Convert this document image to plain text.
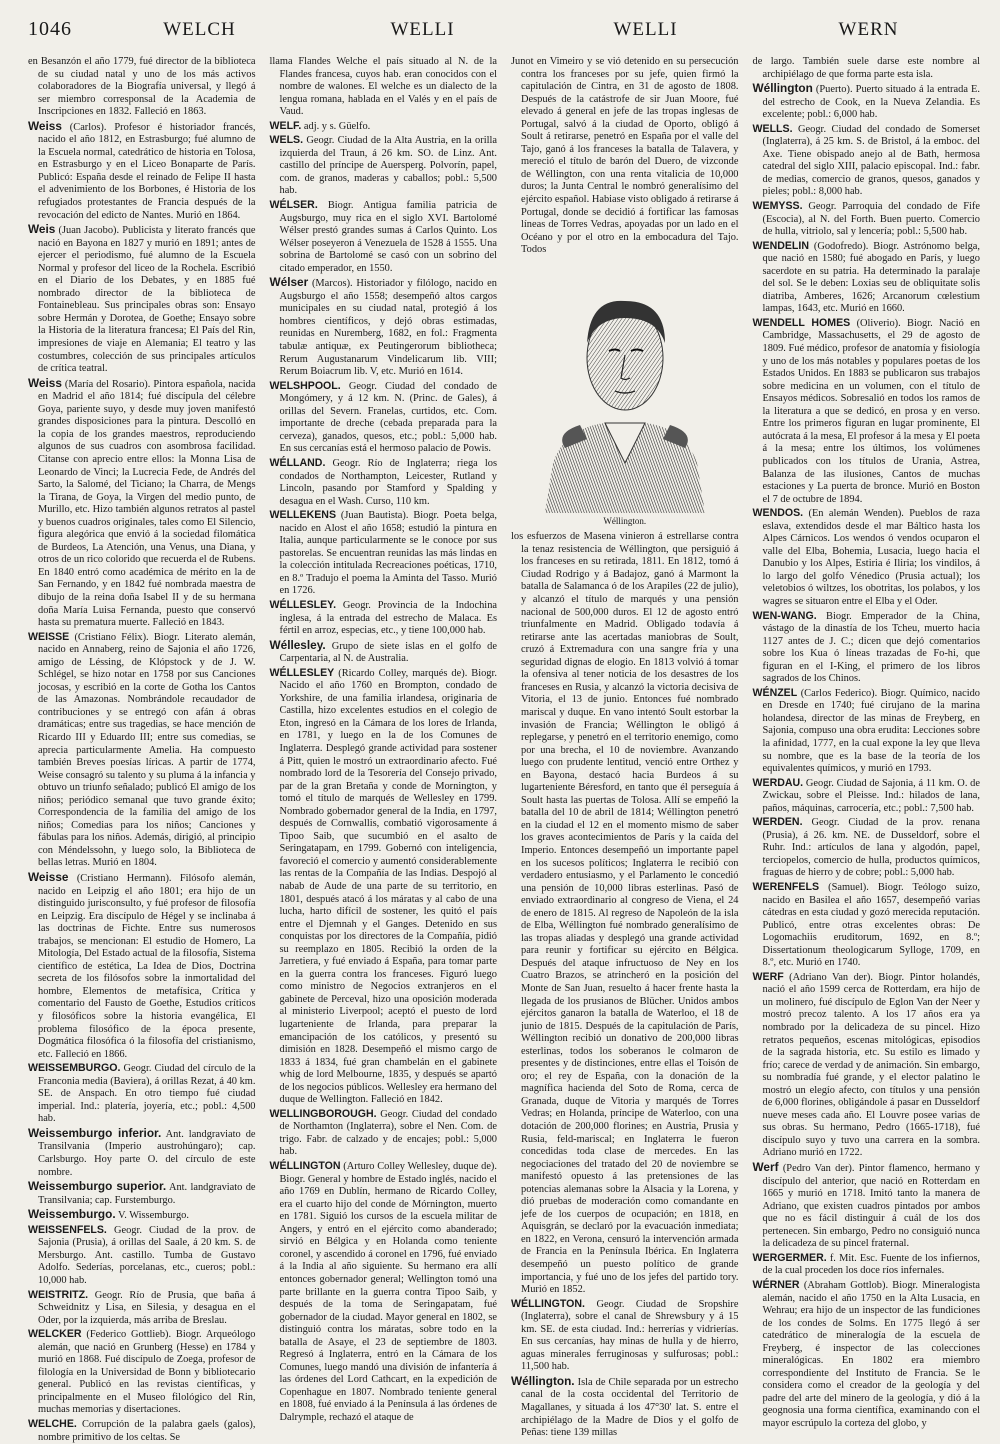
1046	WELCH	WELLI	WELLI	WERN
en Besanzón el año 1779, fué director de la biblioteca de su ciudad natal y uno de los más activos colaboradores de la Biografía universal, y llegó á ser miembro corresponsal de la Academia de Inscripciones en 1832. Falleció en 1863.
Weiss (Carlos). Profesor é historiador francés, nacido el año 1812, en Estrasburgo; fué alumno de la Escuela normal, catedrático de historia en Tolosa, en Estrasburgo y en el Liceo Bonaparte de París. Publicó: España desde el reinado de Felipe II hasta el advenimiento de los Borbones, é Historia de los refugiados protestantes de Francia después de la revocación del edicto de Nantes. Murió en 1864.
Weis (Juan Jacobo). Publicista y literato francés que nació en Bayona en 1827 y murió en 1891; antes de ejercer el periodismo, fué alumno de la Escuela Normal y profesor del liceo de la Rochela. Escribió en el Diario de los Debates, y en 1885 fué nombrado director de la biblioteca de Fontainebleau. Sus principales obras son: Ensayo sobre Hermán y Dorotea, de Goethe; Ensayo sobre la Historia de la literatura francesa; El País del Rin, impresiones de viaje en Alemania; El teatro y las costumbres, colección de sus principales artículos de crítica teatral.
Weiss (María del Rosario). Pintora española, nacida en Madrid el año 1814; fué discípula del célebre Goya, pariente suyo, y desde muy joven manifestó grandes disposiciones para la pintura. Descolló en la copia de los grandes maestros, reproduciendo algunos de sus cuadros con asombrosa facilidad. Citanse con aprecio entre ellos: la Monna Lisa de Leonardo de Vinci; la Lucrecia Fede, de Andrés del Sarto, la Salomé, del Ticiano; la Charra, de Mengs la Tirana, de Goya, la Virgen del medio punto, de Murillo, etc. Hizo también algunos retratos al pastel y buenos cuadros originales, tales como El Silencio, figura alegórica que envió á la sociedad filomática de Burdeos, La Atención, una Venus, una Diana, y otros de un rico colorido que recuerda el de Rubens. En 1840 entró como académica de mérito en la de San Fernando, y en 1842 fué nombrada maestra de dibujo de la reina doña Isabel II y de su hermana doña María Luisa Fernanda, puesto que conservó hasta su prematura muerte. Falleció en 1843.
WEISSE (Cristiano Félix). Biogr. Literato alemán, nacido en Annaberg, reino de Sajonia el año 1726, amigo de Léssing, de Klópstock y de J. W. Schlégel, se hizo notar en 1758 por sus Canciones jocosas, y escribió en la corte de Gotha los Cantos de las Amazonas. Nombrándole recaudador de contribuciones y se entregó con afán á obras dramáticas; entre sus tragedias, se hace mención de Ricardo III y Eduardo III; entre sus comedias, se aprecia particularmente Amelia. Ha compuesto también Breves poesías líricas. A partir de 1774, Weise consagró su talento y su pluma á la infancia y obtuvo un triunfo señalado; publicó El amigo de los niños; periódico semanal que tuvo grande éxito; Correspondencia de la familia del amigo de los niños; Comedias para los niños; Canciones y fábulas para los niños. Además, dirigió, al principio con Méndelssohn, y luego solo, la Biblioteca de bellas letras. Murió en 1804.
Weisse (Cristiano Hermann). Filósofo alemán, nacido en Leipzig el año 1801; era hijo de un distinguido jurisconsulto, y fué profesor de filosofía en Leipzig. Era discípulo de Hégel y se inclinaba á las doctrinas de Fichte. Entre sus numerosos trabajos, se mencionan: El estudio de Homero, La Mitología, Del Estado actual de la filosofía, Sistema científico de estética, La Idea de Dios, Doctrina secreta de los filósofos sobre la inmortalidad del hombre, Elementos de metafísica, Crítica y comentario del Fausto de Goethe, Estudios críticos y filosóficos sobre la historia evangélica, El problema filosófico de la época presente, Dogmática filosófica ó la filosofía del cristianismo, etc. Falleció en 1866.
WEISSEMBURGO. Geogr. Ciudad del círculo de la Franconia media (Baviera), á orillas Rezat, á 40 km. SE. de Anspach. En otro tiempo fué ciudad imperial. Ind.: platería, joyería, etc.; pobl.: 4,500 hab.
Weissemburgo inferior. Ant. landgraviato de Transilvania (Imperio austrohúngaro); cap. Carlsburgo. Hoy parte O. del círculo de este nombre.
Weissemburgo superior. Ant. landgraviato de Transilvania; cap. Furstemburgo.
Weissemburgo. V. Wissemburgo.
WEISSENFELS. Geogr. Ciudad de la prov. de Sajonia (Prusia), á orillas del Saale, á 20 km. S. de Mersburgo. Ant. castillo. Tumba de Gustavo Adolfo. Sederías, porcelanas, etc., cueros; pobl.: 10,000 hab.
WEISTRITZ. Geogr. Río de Prusia, que baña á Schweidnitz y Lisa, en Silesia, y desagua en el Oder, por la izquierda, más arriba de Breslau.
WELCKER (Federico Gottlieb). Biogr. Arqueólogo alemán, que nació en Grunberg (Hesse) en 1784 y murió en 1868. Fué discípulo de Zoega, profesor de filología en la Universidad de Bonn y bibliotecario general. Publicó en las revistas científicas, y principalmente en el Museo filológico del Rin, muchas memorias y disertaciones.
WELCHE. Corrupción de la palabra gaels (galos), nombre primitivo de los celtas. Se
llama Flandes Welche el país situado al N. de la Flandes francesa, cuyos hab. eran conocidos con el nombre de walones. El welche es un dialecto de la lengua romana, hablada en el Valés y en el país de Vaud.
WELF. adj. y s. Güelfo.
WELS. Geogr. Ciudad de la Alta Austria, en la orilla izquierda del Traun, á 26 km. SO. de Linz. Ant. castillo del príncipe de Auersperg. Polvorín, papel, com. de granos, maderas y caballos; pobl.: 5,500 hab.
WÉLSER. Biogr. Antigua familia patricia de Augsburgo, muy rica en el siglo XVI. Bartolomé Wélser prestó grandes sumas á Carlos Quinto. Los Wélser poseyeron á Venezuela de 1528 á 1555. Una sobrina de Bartolomé se casó con un sobrino del citado emperador, en 1550.
Wélser (Marcos). Historiador y filólogo, nacido en Augsburgo el año 1558; desempeñó altos cargos municipales en su ciudad natal, protegió á los hombres científicos, y dejó obras estimadas, reunidas en Nuremberg, 1682, en fol.: Fragmenta tabulæ antiquæ, ex Peutingerorum bibliotheca; Rerum Augustanarum Vindelicarum lib. VIII; Rerum Boiacrum lib. V, etc. Murió en 1614.
WELSHPOOL. Geogr. Ciudad del condado de Mongómery, y á 12 km. N. (Princ. de Gales), á orillas del Severn. Franelas, curtidos, etc. Com. importante de dreche (cebada preparada para la cerveza), ganados, quesos, etc.; pobl.: 5,000 hab. En sus cercanías está el hermoso palacio de Powis.
WÉLLAND. Geogr. Río de Inglaterra; riega los condados de Northampton, Leicester, Rutland y Lincoln, pasando por Stamford y Spalding y desagua en el Wash. Curso, 110 km.
WELLEKENS (Juan Bautista). Biogr. Poeta belga, nacido en Alost el año 1658; estudió la pintura en Italia, aunque particularmente se le conoce por sus pastorelas. Se encuentran reunidas las más lindas en la colección intitulada Recreaciones poéticas, 1710, en 8.º Tradujo el poema la Aminta del Tasso. Murió en 1726.
WÉLLESLEY. Geogr. Provincia de la Indochina inglesa, á la entrada del estrecho de Malaca. Es fértil en arroz, especias, etc., y tiene 100,000 hab.
Wéllesley. Grupo de siete islas en el golfo de Carpentaria, al N. de Australia.
WÉLLESLEY (Ricardo Colley, marqués de). Biogr. Nacido el año 1760 en Brompton, condado de Yorkshire, de una familia irlandesa, originaria de Castilla, hizo excelentes estudios en el colegio de Eton, ingresó en la Cámara de los lores de Irlanda, en 1781, y luego en la de los Comunes de Inglaterra. Desplegó grande actividad para sostener á Pitt, quien le mostró un extraordinario afecto. Fué nombrado lord de la Tesorería del Consejo privado, par de la gran Bretaña y conde de Mornington, y tomó el título de marqués de Wellesley en 1799. Nombrado gobernador general de la India, en 1797, después de Cornwallis, combatió vigorosamente á Tipoo Saib, que sucumbió en el asalto de Seringatapam, en 1799. Gobernó con inteligencia, favoreció el comercio y aumentó considerablemente las rentas de la Compañía de las Indias. Despojó al nabab de Aude de una parte de su territorio, en 1801, después atacó á los máratas y al cabo de una lucha, harto difícil de sostener, les quitó el país entre el Djemnah y el Ganges. Detenido en sus conquistas por los directores de la Compañía, pidió su reemplazo en 1805. Recibió la orden de la Jarretiera, y fué enviado á España, para tomar parte en la guerra contra los franceses. Figuró luego como ministro de Negocios extranjeros en el gabinete de Perceval, hizo una oposición moderada al ministerio Liverpool; aceptó el puesto de lord lugarteniente de Irlanda, para preparar la emancipación de los católicos, y presentó su dimisión en 1828. Desempeñó el mismo cargo de 1833 á 1834, fué gran chambelán en el gabinete whig de lord Melbourne, 1835, y después se apartó de los negocios públicos. Wellesley era hermano del duque de Wellington. Falleció en 1842.
WELLINGBOROUGH. Geogr. Ciudad del condado de Northamton (Inglaterra), sobre el Nen. Com. de trigo. Fabr. de calzado y de encajes; pobl.: 5,000 hab.
WÉLLINGTON (Arturo Colley Wellesley, duque de). Biogr. General y hombre de Estado inglés, nacido el año 1769 en Dublín, hermano de Ricardo Colley, era el cuarto hijo del conde de Mórnington, muerto en 1781. Siguió los cursos de la escuela militar de Angers, y entró en el ejército como abanderado; sirvió en Bélgica y en Holanda como teniente coronel, y ascendido á coronel en 1796, fué enviado á la India al año siguiente. Su hermano era allí entonces gobernador general; Wellington tomó una parte brillante en la guerra contra Tipoo Saib, y después de la toma de Seringapatam, fué gobernador de la ciudad. Mayor general en 1802, se distinguió contra los máratas, sobre todo en la batalla de Asaye, el 23 de septiembre de 1803. Regresó á Inglaterra, entró en la Cámara de los Comunes, luego mandó una división de infantería á las órdenes del Lord Cathcart, en la expedición de Copenhague en 1807. Nombrado teniente general en 1808, fué enviado á la Península á las órdenes de Dalrymple, rechazó el ataque de
Junot en Vimeiro y se vió detenido en su persecución contra los franceses por su jefe, quien firmó la capitulación de Cintra, en 31 de agosto de 1808. Después de la catástrofe de sir Juan Moore, fué elevado á general en jefe de las tropas inglesas de Portugal, salvó á la ciudad de Oporto, obligó á Soult á retirarse, penetró en España por el valle del Tajo, ganó á los franceses la batalla de Talavera, y mereció el título de barón del Duero, de vizconde de Wéllington, con una renta vitalicia de 10,000 duros; la Junta Central le nombró generalísimo del ejército español. Habiase visto obligado á retirarse á Portugal, donde se decidió á fortificar las famosas líneas de Torres Vedras, apoyadas por un lado en el Océano y por el otro en la embocadura del Tajo. Todos
Wéllington.
los esfuerzos de Masena vinieron á estrellarse contra la tenaz resistencia de Wéllington, que persiguió á los franceses en su retirada, 1811. En 1812, tomó á Ciudad Rodrigo y á Badajoz, ganó á Marmont la batalla de Salamanca ó de los Arapiles (22 de julio), y alcanzó el título de marqués y una pensión nacional de 500,000 duros. El 12 de agosto entró triunfalmente en Madrid. Obligado todavía á retirarse ante las acertadas maniobras de Soult, cruzó á Extremadura con una sangre fría y una seguridad dignas de elogio. En 1813 volvió á tomar la ofensiva al tener noticia de los desastres de los franceses en Rusia, y alcanzó la victoria decisiva de Vitoria, el 13 de junio. Entonces fué nombrado mariscal y duque. En vano intentó Soult estorbar la invasión de Francia; Wéllington le obligó á replegarse, y penetró en el territorio enemigo, como por una brecha, el 10 de noviembre. Avanzando luego con prudente lentitud, venció entre Orthez y en Bayona, destacó hacia Burdeos á su lugarteniente Béresford, en tanto que él perseguía á Soult hasta las puertas de Tolosa. Allí se empeñó la batalla del 10 de abril de 1814; Wéllington penetró en la ciudad el 12 en el momento mismo de saber los graves acontecimientos de París y la caída del Imperio. Entonces desempeñó un importante papel en los sucesos políticos; Inglaterra le recibió con verdadero entusiasmo, y el Parlamento le concedió una pensión de 10,000 libras esterlinas. Pasó de enviado extraordinario al congreso de Viena, el 24 de enero de 1815. Al regreso de Napoleón de la isla de Elba, Wéllington fué nombrado generalísimo de las tropas aliadas y desplegó una grande actividad para reunir y fortificar su ejército en Bélgica. Después del ataque infructuoso de Ney en los Cuatro Brazos, se atrincheró en la posición del Monte de San Juan, resuelto á hacer frente hasta la llegada de los prusianos de Blücher. Unidos ambos ejércitos ganaron la batalla de Waterloo, el 18 de junio de 1815. Después de la capitulación de París, Wéllington recibió un donativo de 200,000 libras esterlinas, todos los soberanos le colmaron de presentes y de distinciones, entre ellas el Toisón de oro; el rey de España, con la donación de la magnífica hacienda del Soto de Roma, cerca de Granada, duque de Vitoria y marqués de Torres Vedras; en Holanda, príncipe de Waterloo, con una dotación de 200,000 florines; en Austria, Prusia y Rusia, feld-mariscal; en Inglaterra le fueron concedidas toda clase de mercedes. En las negociaciones del tratado del 20 de noviembre se manifestó opuesto á las pretensiones de las potencias alemanas sobre la Alsacia y la Lorena, y dió pruebas de moderación como comandante en jefe de los cuerpos de ocupación; en 1818, en Aquisgrán, se declaró por la evacuación inmediata; en 1822, en Verona, censuró la intervención armada de Francia en la Península Ibérica. En Inglaterra desempeñó un puesto político de grande importancia, y fué uno de los jefes del partido tory. Murió en 1852.
WÉLLINGTON. Geogr. Ciudad de Sropshire (Inglaterra), sobre el canal de Shrewsbury y á 15 km. SE. de esta ciudad. Ind.: herrerías y vidrierías. En sus cercanías, hay minas de hulla y de hierro, aguas minerales ferruginosas y sulfurosas; pobl.: 11,500 hab.
Wéllington. Isla de Chile separada por un estrecho canal de la costa occidental del Territorio de Magallanes, y situada á los 47°30' lat. S. entre el archipiélago de la Madre de Dios y el golfo de Peñas: tiene 139 millas
de largo. También suele darse este nombre al archipiélago de que forma parte esta isla.
Wéllington (Puerto). Puerto situado á la entrada E. del estrecho de Cook, en la Nueva Zelandia. Es excelente; pobl.: 6,000 hab.
WELLS. Geogr. Ciudad del condado de Somerset (Inglaterra), á 25 km. S. de Bristol, á la emboc. del Axe. Tiene obispado anejo al de Bath, hermosa catedral del siglo XIII, palacio episcopal. Ind.: fabr. de medias, comercio de granos, quesos, ganados y pieles; pobl.: 8,000 hab.
WEMYSS. Geogr. Parroquia del condado de Fife (Escocia), al N. del Forth. Buen puerto. Comercio de hulla, vitriolo, sal y lencería; pobl.: 5,500 hab.
WENDELIN (Godofredo). Biogr. Astrónomo belga, que nació en 1580; fué abogado en París, y luego sacerdote en su patria. Ha determinado la paralaje del sol. Se le deben: Loxias seu de obliquitate solis diatriba, Amberes, 1626; Arcanorum cœlestium lampas, 1643, etc. Murió en 1660.
WENDELL HOMES (Oliverio). Biogr. Nació en Cambridge, Massachusetts, el 29 de agosto de 1809. Fué médico, profesor de anatomía y fisiología y uno de los más notables y populares poetas de los Estados Unidos. En 1883 se publicaron sus trabajos sobre medicina en un volumen, con el título de Ensayos médicos. Sobresalió en todos los ramos de la literatura a que se dedicó, en prosa y en verso. Entre los primeros figuran en lugar prominente, El autócrata á la mesa, El profesor á la mesa y El poeta á la mesa; entre los últimos, los volúmenes publicados con los títulos de Urania, Astrea, Balanza de las ilusiones, Cantos de muchas estaciones y La puerta de bronce. Murió en Boston el 7 de octubre de 1894.
WENDOS. (En alemán Wenden). Pueblos de raza eslava, extendidos desde el mar Báltico hasta los Alpes Cárnicos. Los wendos ó vendos ocuparon el valle del Elba, Bohemia, Lusacia, luego hacia el Danubio y los Alpes, Estiria é Iliria; los vindilos, á lo largo del golfo Vénedico (Prusia actual); los veletobios ó wiltzes, los obotritas, los polabos, y los wagres se situaron entre el Elba y el Oder.
WEN-WANG. Biogr. Emperador de la China, vástago de la dinastía de los Tcheu, muerto hacia 1127 antes de J. C.; dicen que dejó comentarios sobre los Kua ó líneas trazadas de Fo-hi, que figuran en el I-King, el primero de los libros sagrados de los Chinos.
WÉNZEL (Carlos Federico). Biogr. Químico, nacido en Dresde en 1740; fué cirujano de la marina holandesa, director de las minas de Freyberg, en Sajonia, compuso una obra erudita: Lecciones sobre la afinidad, 1777, en la cual expone la ley que lleva su nombre, que es la base de la teoría de los equivalentes químicos, y murió en 1793.
WERDAU. Geogr. Ciudad de Sajonia, á 11 km. O. de Zwickau, sobre el Pleisse. Ind.: hilados de lana, paños, máquinas, carrocería, etc.; pobl.: 7,500 hab.
WERDEN. Geogr. Ciudad de la prov. renana (Prusia), á 26. km. NE. de Dusseldorf, sobre el Ruhr. Ind.: artículos de lana y algodón, papel, terciopelos, comercio de hulla, productos químicos, fraguas de hierro y de cobre; pobl.: 5,000 hab.
WERENFELS (Samuel). Biogr. Teólogo suizo, nacido en Basilea el año 1657, desempeñó varias cátedras en esta ciudad y gozó merecida reputación. Publicó, entre otras excelentes obras: De Logomachiis eruditorum, 1692, en 8.º; Dissertationum theologicarum Sylloge, 1709, en 8.º, etc. Murió en 1740.
WERF (Adriano Van der). Biogr. Pintor holandés, nació el año 1599 cerca de Rotterdam, era hijo de un molinero, fué discípulo de Eglon Van der Neer y mostró precoz talento. A los 17 años era ya nombrado por la delicadeza de su pincel. Hizo retratos pequeños, escenas mitológicas, episodios de la sagrada historia, etc. Su estilo es limado y frío; carece de verdad y de animación. Sin embargo, su nombradía fué grande, y el elector palatino le mostró un elegío afecto, con títulos y una pensión de 6,000 florines, obligándole á pasar en Dusseldorf nueve meses cada año. El Louvre posee varias de sus obras. Su hermano, Pedro (1665-1718), fué discípulo suyo y tuvo una carrera en la sombra. Adriano murió en 1722.
Werf (Pedro Van der). Pintor flamenco, hermano y discípulo del anterior, que nació en Rotterdam en 1665 y murió en 1718. Imitó tanto la manera de Adriano, que existen cuadros pintados por ambos que no es fácil distinguir á cuál de los dos pertenecen. Sin embargo, Pedro no consiguió nunca la delicadeza de su pincel fraternal.
WERGERMER. f. Mit. Esc. Fuente de los infiernos, de la cual proceden los doce ríos infernales.
WÉRNER (Abraham Gottlob). Biogr. Mineralogista alemán, nacido el año 1750 en la Alta Lusacia, en Wehrau; era hijo de un inspector de las fundiciones de los condes de Solms. En 1775 llegó á ser catedrático de mineralogía de la escuela de Freyberg, é inspector de las colecciones mineralógicas. En 1802 era miembro correspondiente del Instituto de Francia. Se le considera como el creador de la geología y del padre del arte del minero de la geología, y dió á la geognosia una forma científica, examinando con el mayor escrúpulo la corteza del globo, y
